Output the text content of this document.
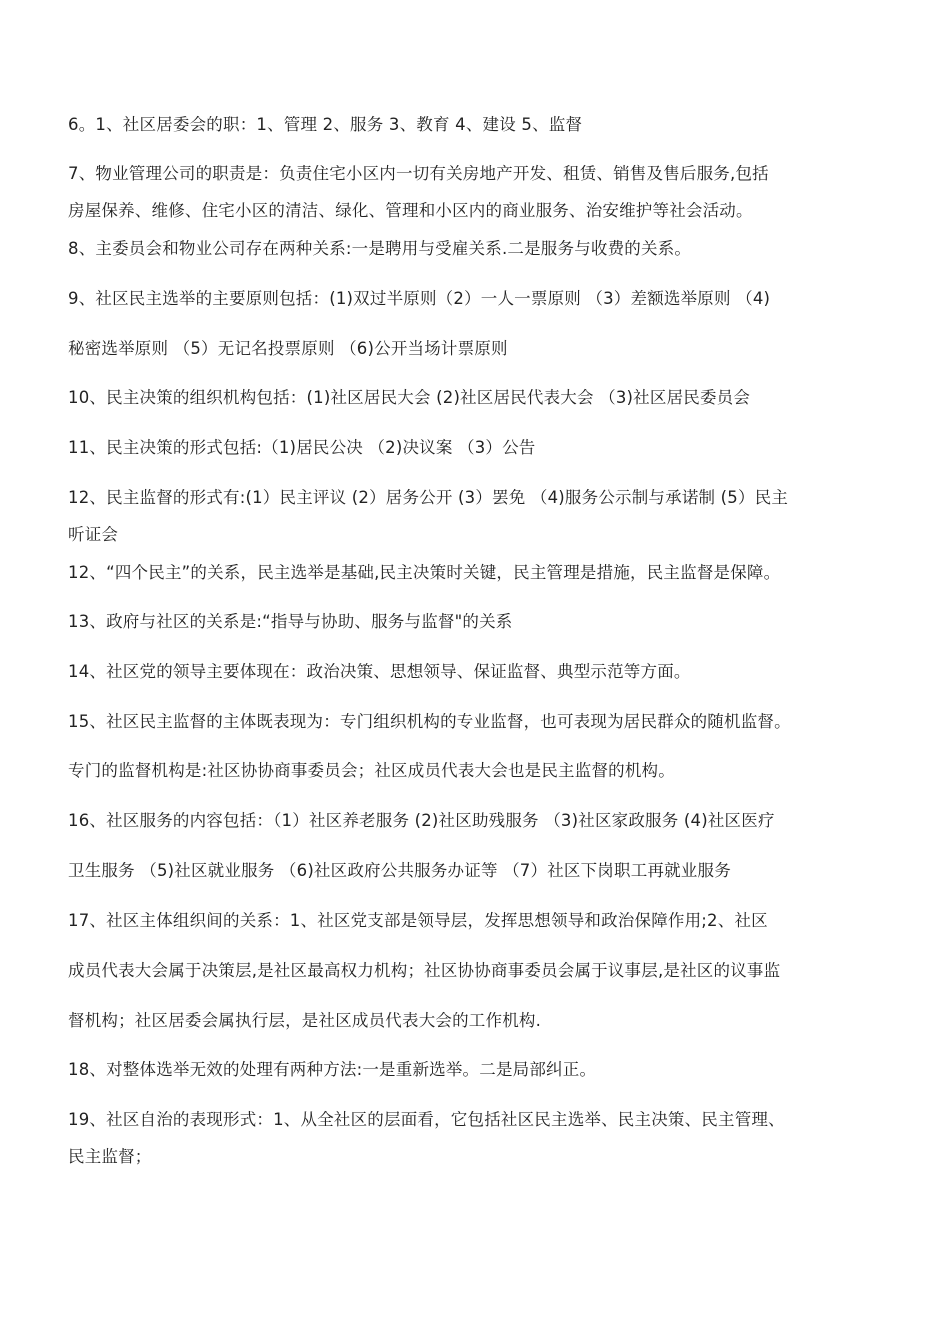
6。1、社区居委会的职：1、管理 2、服务 3、教育 4、建设 5、监督
7、物业管理公司的职责是：负责住宅小区内一切有关房地产开发、租赁、销售及售后服务,包括
房屋保养、维修、住宅小区的清洁、绿化、管理和小区内的商业服务、治安维护等社会活动。
8、主委员会和物业公司存在两种关系:一是聘用与受雇关系.二是服务与收费的关系。
9、社区民主选举的主要原则包括：(1)双过半原则（2）一人一票原则 （3）差额选举原则 （4)
秘密选举原则 （5）无记名投票原则 （6)公开当场计票原则
10、民主决策的组织机构包括：(1)社区居民大会 (2)社区居民代表大会 （3)社区居民委员会
11、民主决策的形式包括:（1)居民公决 （2)决议案 （3）公告
12、民主监督的形式有:(1）民主评议 (2）居务公开 (3）罢免 （4)服务公示制与承诺制 (5）民主
听证会
12、“四个民主”的关系，民主选举是基础,民主决策时关键，民主管理是措施，民主监督是保障。
13、政府与社区的关系是:“指导与协助、服务与监督"的关系
14、社区党的领导主要体现在：政治决策、思想领导、保证监督、典型示范等方面。
15、社区民主监督的主体既表现为：专门组织机构的专业监督，也可表现为居民群众的随机监督。
专门的监督机构是:社区协协商事委员会；社区成员代表大会也是民主监督的机构。
16、社区服务的内容包括：（1）社区养老服务 (2)社区助残服务 （3)社区家政服务 (4)社区医疗
卫生服务 （5)社区就业服务 （6)社区政府公共服务办证等 （7）社区下岗职工再就业服务
17、社区主体组织间的关系：1、社区党支部是领导层，发挥思想领导和政治保障作用;2、社区
成员代表大会属于决策层,是社区最高权力机构；社区协协商事委员会属于议事层,是社区的议事监
督机构；社区居委会属执行层，是社区成员代表大会的工作机构.
18、对整体选举无效的处理有两种方法:一是重新选举。二是局部纠正。
19、社区自治的表现形式：1、从全社区的层面看，它包括社区民主选举、民主决策、民主管理、
民主监督；
